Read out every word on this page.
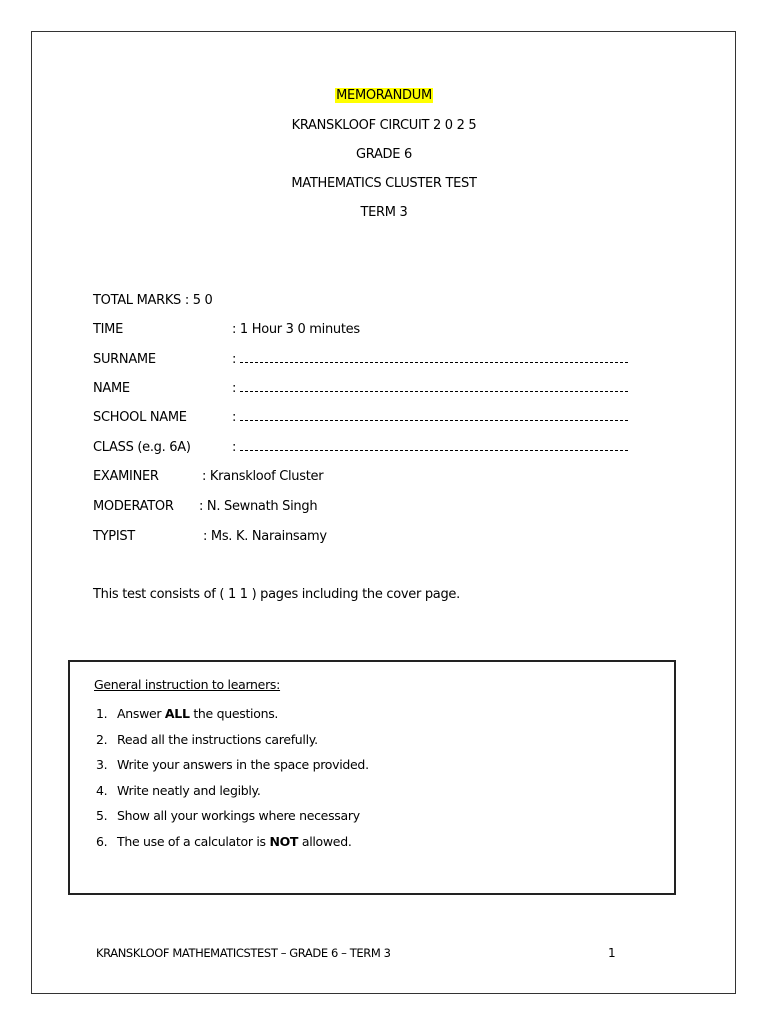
MEMORANDUM
KRANSKLOOF CIRCUIT 2 0 2 5
GRADE 6
MATHEMATICS CLUSTER TEST
TERM 3
TOTAL MARKS : 5 0
TIME	: 1 Hour 3 0 minutes
SURNAME	:
NAME	:
SCHOOL NAME	:
CLASS (e.g. 6A)	:
EXAMINER	: Kranskloof Cluster
MODERATOR : N. Sewnath Singh
TYPIST	: Ms. K. Narainsamy
This test consists of ( 1 1 ) pages including the cover page.
General instruction to learners:
1. Answer ALL the questions.
2. Read all the instructions carefully.
3. Write your answers in the space provided.
4. Write neatly and legibly.
5. Show all your workings where necessary
6. The use of a calculator is NOT allowed.
KRANSKLOOF MATHEMATICSTEST – GRADE 6 – TERM 3	1
